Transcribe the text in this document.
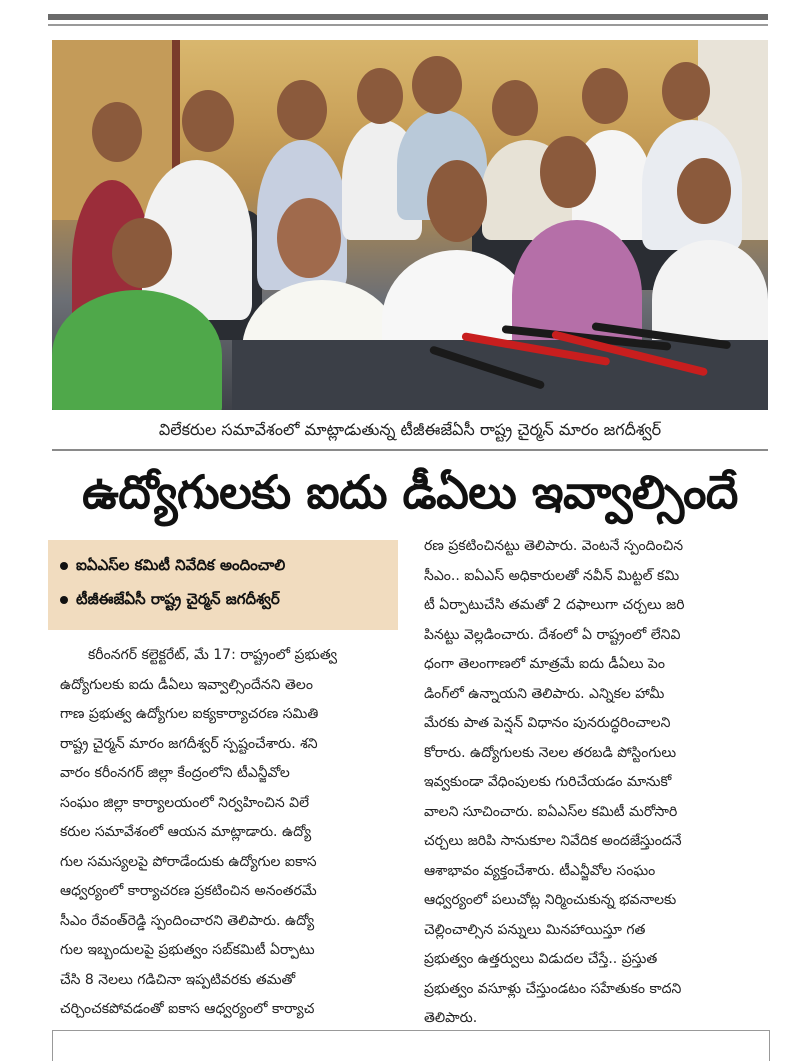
విలేకరుల సమావేశంలో మాట్లాడుతున్న టీజీఈజేఏసీ రాష్ట్ర చైర్మన్ మారం జగదీశ్వర్
ఉద్యోగులకు ఐదు డీఏలు ఇవ్వాల్సిందే
ఐఏఎస్‌ల కమిటీ నివేదిక అందించాలి
టీజీఈజేఏసీ రాష్ట్ర చైర్మన్ జగదీశ్వర్
కరీంనగర్ కల్టెక్టరేట్, మే 17: రాష్ట్రంలో ప్రభుత్వ
ఉద్యోగులకు ఐదు డీఏలు ఇవ్వాల్సిందేనని తెలం
గాణ ప్రభుత్వ ఉద్యోగుల ఐక్యకార్యాచరణ సమితి
రాష్ట్ర చైర్మన్ మారం జగదీశ్వర్ స్పష్టంచేశారు. శని
వారం కరీంనగర్ జిల్లా కేంద్రంలోని టీఎన్జీవోల
సంఘం జిల్లా కార్యాలయంలో నిర్వహించిన విలే
కరుల సమావేశంలో ఆయన మాట్లాడారు. ఉద్యో
గుల సమస్యలపై పోరాడేందుకు ఉద్యోగుల ఐకాస
ఆధ్వర్యంలో కార్యాచరణ ప్రకటించిన అనంతరమే
సీఎం రేవంత్‌రెడ్డి స్పందించారని తెలిపారు. ఉద్యో
గుల ఇబ్బందులపై ప్రభుత్వం సబ్‌కమిటీ ఏర్పాటు
చేసి 8 నెలలు గడిచినా ఇప్పటివరకు తమతో
చర్చించకపోవడంతో ఐకాస ఆధ్వర్యంలో కార్యాచ
రణ ప్రకటించినట్టు తెలిపారు. వెంటనే స్పందించిన
సీఎం.. ఐఏఎస్ అధికారులతో నవీన్ మిట్టల్ కమి
టీ ఏర్పాటుచేసి తమతో 2 దఫాలుగా చర్చలు జరి
పినట్టు వెల్లడించారు. దేశంలో ఏ రాష్ట్రంలో లేనివి
ధంగా తెలంగాణలో మాత్రమే ఐదు డీఏలు పెం
డింగ్‌లో ఉన్నాయని తెలిపారు. ఎన్నికల హామీ
మేరకు పాత పెన్షన్ విధానం పునరుద్ధరించాలని
కోరారు. ఉద్యోగులకు నెలల తరబడి పోస్టింగులు
ఇవ్వకుండా వేధింపులకు గురిచేయడం మానుకో
వాలని సూచించారు. ఐఏఎస్‌ల కమిటీ మరోసారి
చర్చలు జరిపి సానుకూల నివేదిక అందజేస్తుందనే
ఆశాభావం వ్యక్తంచేశారు. టీఎన్జీవోల సంఘం
ఆధ్వర్యంలో పలుచోట్ల నిర్మించుకున్న భవనాలకు
చెల్లించాల్సిన పన్నులు మినహాయిస్తూ గత
ప్రభుత్వం ఉత్తర్వులు విడుదల చేస్తే.. ప్రస్తుత
ప్రభుత్వం వసూళ్లు చేస్తుండటం సహేతుకం కాదని
తెలిపారు.
